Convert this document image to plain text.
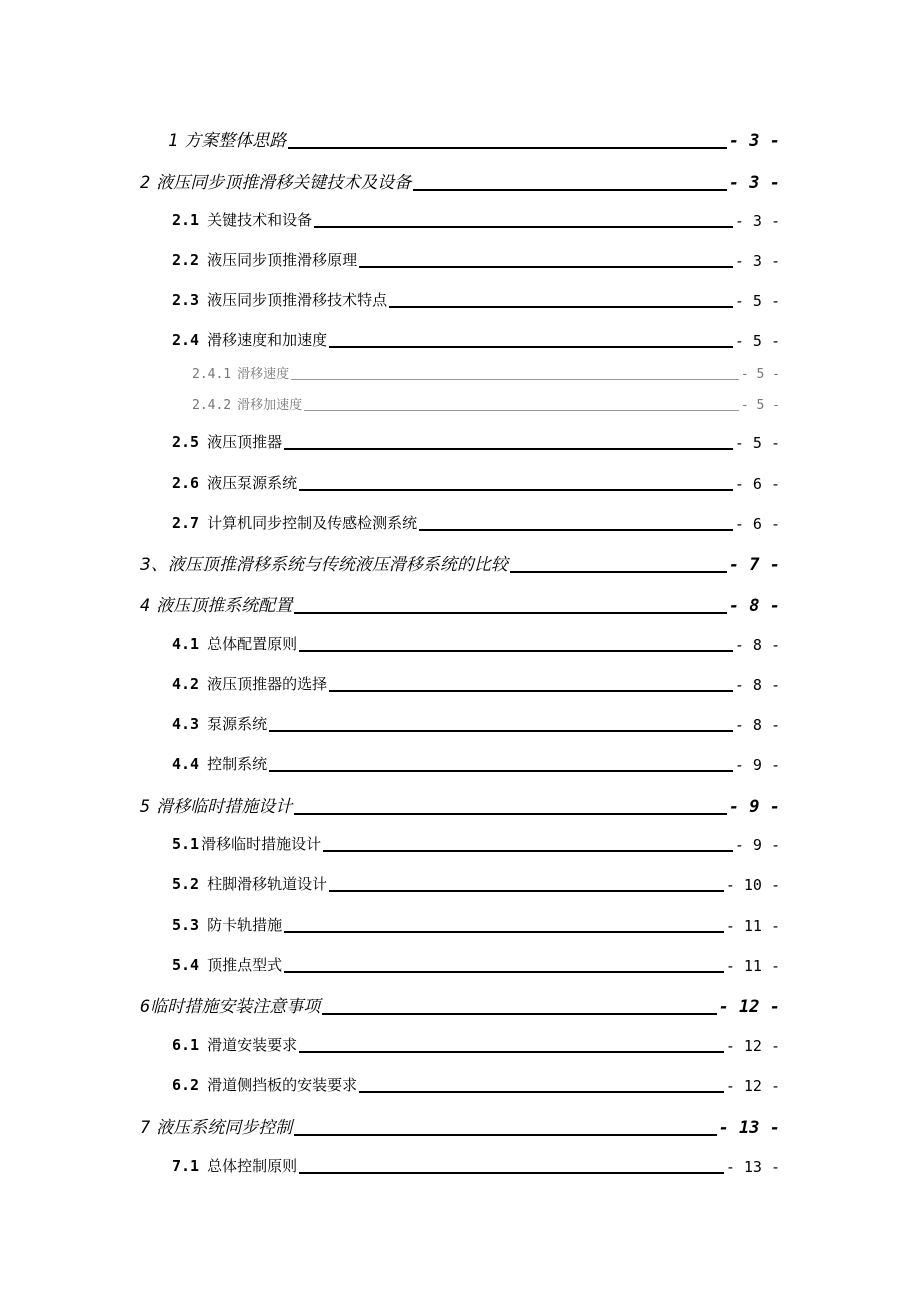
1 方案整体思路	- 3 -
2 液压同步顶推滑移关键技术及设备	- 3 -
2.1 关键技术和设备	- 3 -
2.2 液压同步顶推滑移原理	- 3 -
2.3 液压同步顶推滑移技术特点	- 5 -
2.4 滑移速度和加速度	- 5 -
2.4.1 滑移速度	- 5 -
2.4.2 滑移加速度	- 5 -
2.5 液压顶推器	- 5 -
2.6 液压泵源系统	- 6 -
2.7 计算机同步控制及传感检测系统	- 6 -
3、液压顶推滑移系统与传统液压滑移系统的比较	- 7 -
4 液压顶推系统配置	- 8 -
4.1 总体配置原则	- 8 -
4.2 液压顶推器的选择	- 8 -
4.3 泵源系统	- 8 -
4.4 控制系统	- 9 -
5 滑移临时措施设计	- 9 -
5.1 滑移临时措施设计	- 9 -
5.2 柱脚滑移轨道设计	- 10 -
5.3 防卡轨措施	- 11 -
5.4 顶推点型式	- 11 -
6临时措施安装注意事项	- 12 -
6.1 滑道安装要求	- 12 -
6.2 滑道侧挡板的安装要求	- 12 -
7 液压系统同步控制	- 13 -
7.1 总体控制原则	- 13 -
